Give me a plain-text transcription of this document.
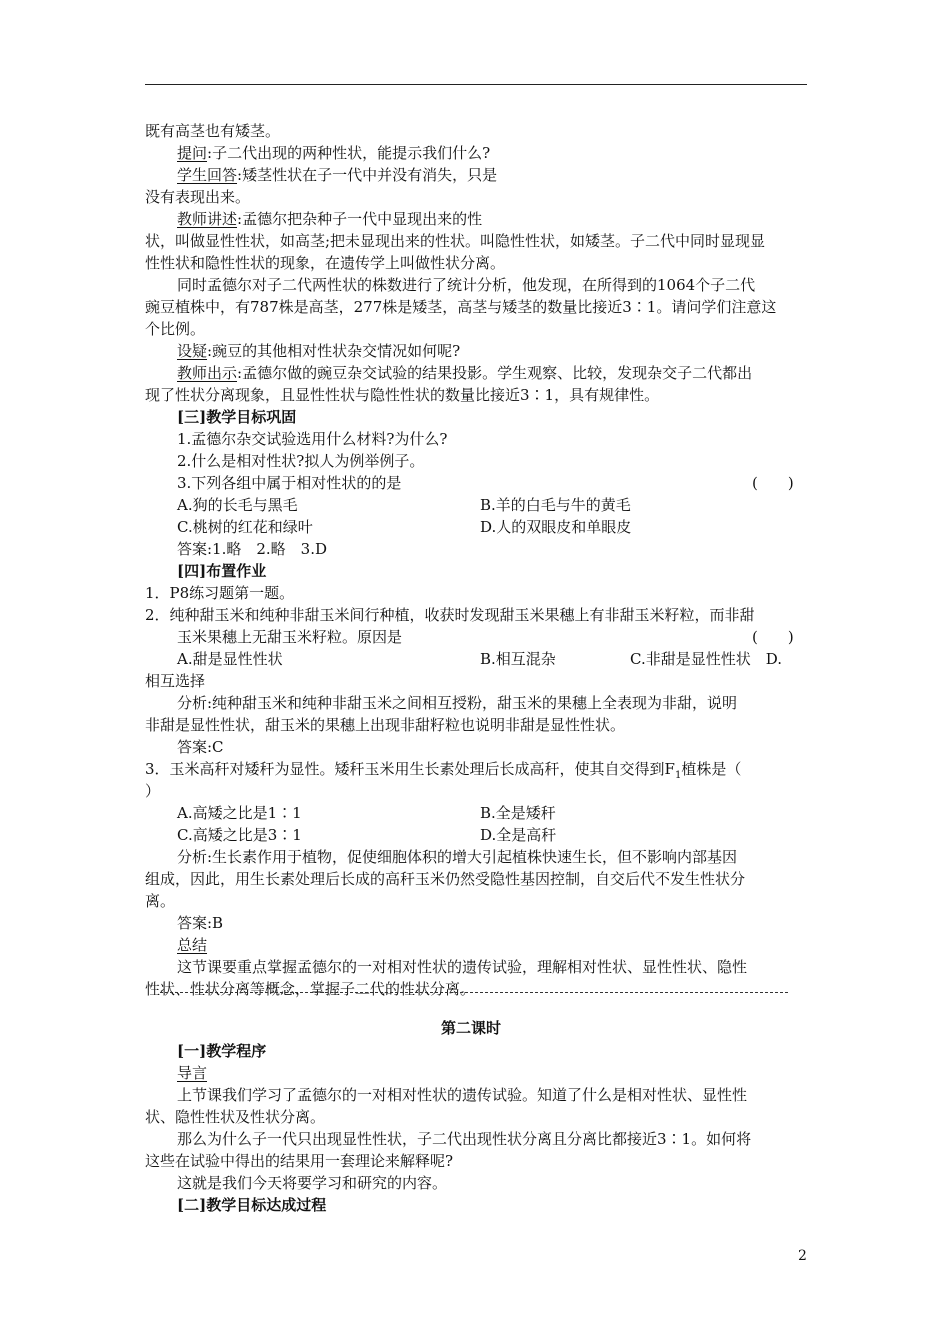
既有高茎也有矮茎。
提问:子二代出现的两种性状，能提示我们什么?
学生回答:矮茎性状在子一代中并没有消失，只是
没有表现出来。
教师讲述:孟德尔把杂种子一代中显现出来的性
状，叫做显性性状，如高茎;把未显现出来的性状。叫隐性性状，如矮茎。子二代中同时显现显
性性状和隐性性状的现象，在遗传学上叫做性状分离。
同时孟德尔对子二代两性状的株数进行了统计分析，他发现，在所得到的1064个子二代
豌豆植株中，有787株是高茎，277株是矮茎，高茎与矮茎的数量比接近3∶1。请问学们注意这
个比例。
设疑:豌豆的其他相对性状杂交情况如何呢?
教师出示:孟德尔做的豌豆杂交试验的结果投影。学生观察、比较，发现杂交子二代都出
现了性状分离现象，且显性性状与隐性性状的数量比接近3∶1，具有规律性。
[三]教学目标巩固
1.孟德尔杂交试验选用什么材料?为什么?
2.什么是相对性状?拟人为例举例子。
3.下列各组中属于相对性状的的是	(　　)
A.狗的长毛与黑毛	B.羊的白毛与牛的黄毛
C.桃树的红花和绿叶	D.人的双眼皮和单眼皮
答案:1.略　2.略　3.D
[四]布置作业
1．P8练习题第一题。
2．纯种甜玉米和纯种非甜玉米间行种植，收获时发现甜玉米果穗上有非甜玉米籽粒，而非甜
玉米果穗上无甜玉米籽粒。原因是	(　　)
A.甜是显性性状	B.相互混杂	C.非甜是显性性状　D.
相互选择
分析:纯种甜玉米和纯种非甜玉米之间相互授粉，甜玉米的果穗上全表现为非甜，说明
非甜是显性性状，甜玉米的果穗上出现非甜籽粒也说明非甜是显性性状。
答案:C
3．玉米高秆对矮秆为显性。矮秆玉米用生长素处理后长成高秆，使其自交得到$F_1$植株是（
）
A.高矮之比是1∶1	B.全是矮秆
C.高矮之比是3∶1	D.全是高秆
分析:生长素作用于植物，促使细胞体积的增大引起植株快速生长，但不影响内部基因
组成，因此，用生长素处理后长成的高秆玉米仍然受隐性基因控制，自交后代不发生性状分
离。
答案:B
总结
这节课要重点掌握孟德尔的一对相对性状的遗传试验，理解相对性状、显性性状、隐性
性状、性状分离等概念，掌握子二代的性状分离。
第二课时
[一]教学程序
导言
上节课我们学习了孟德尔的一对相对性状的遗传试验。知道了什么是相对性状、显性性
状、隐性性状及性状分离。
那么为什么子一代只出现显性性状，子二代出现性状分离且分离比都接近3∶1。如何将
这些在试验中得出的结果用一套理论来解释呢?
这就是我们今天将要学习和研究的内容。
[二]教学目标达成过程
2
